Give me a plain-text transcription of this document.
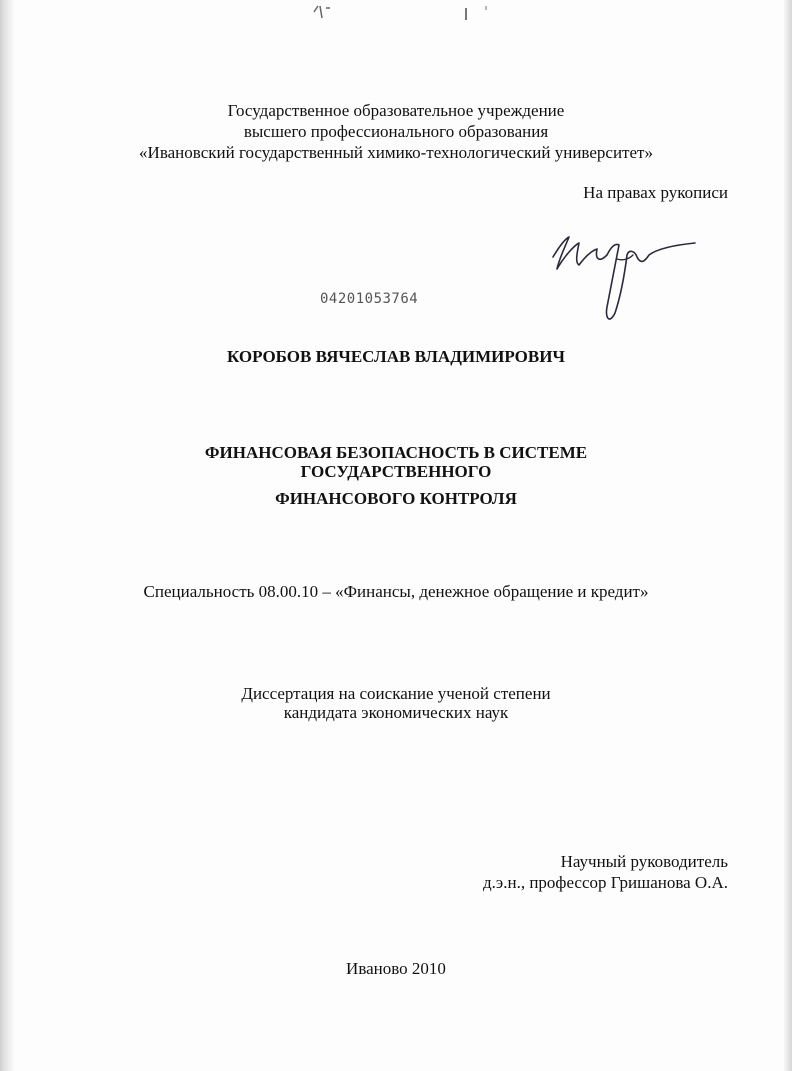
Государственное образовательное учреждение
высшего профессионального образования
«Ивановский государственный химико-технологический университет»
На правах рукописи
04201053764
КОРОБОВ ВЯЧЕСЛАВ ВЛАДИМИРОВИЧ
ФИНАНСОВАЯ БЕЗОПАСНОСТЬ В СИСТЕМЕ
ГОСУДАРСТВЕННОГО
ФИНАНСОВОГО КОНТРОЛЯ
Специальность 08.00.10 – «Финансы, денежное обращение и кредит»
Диссертация на соискание ученой степени
кандидата экономических наук
Научный руководитель
д.э.н., профессор Гришанова О.А.
Иваново 2010
